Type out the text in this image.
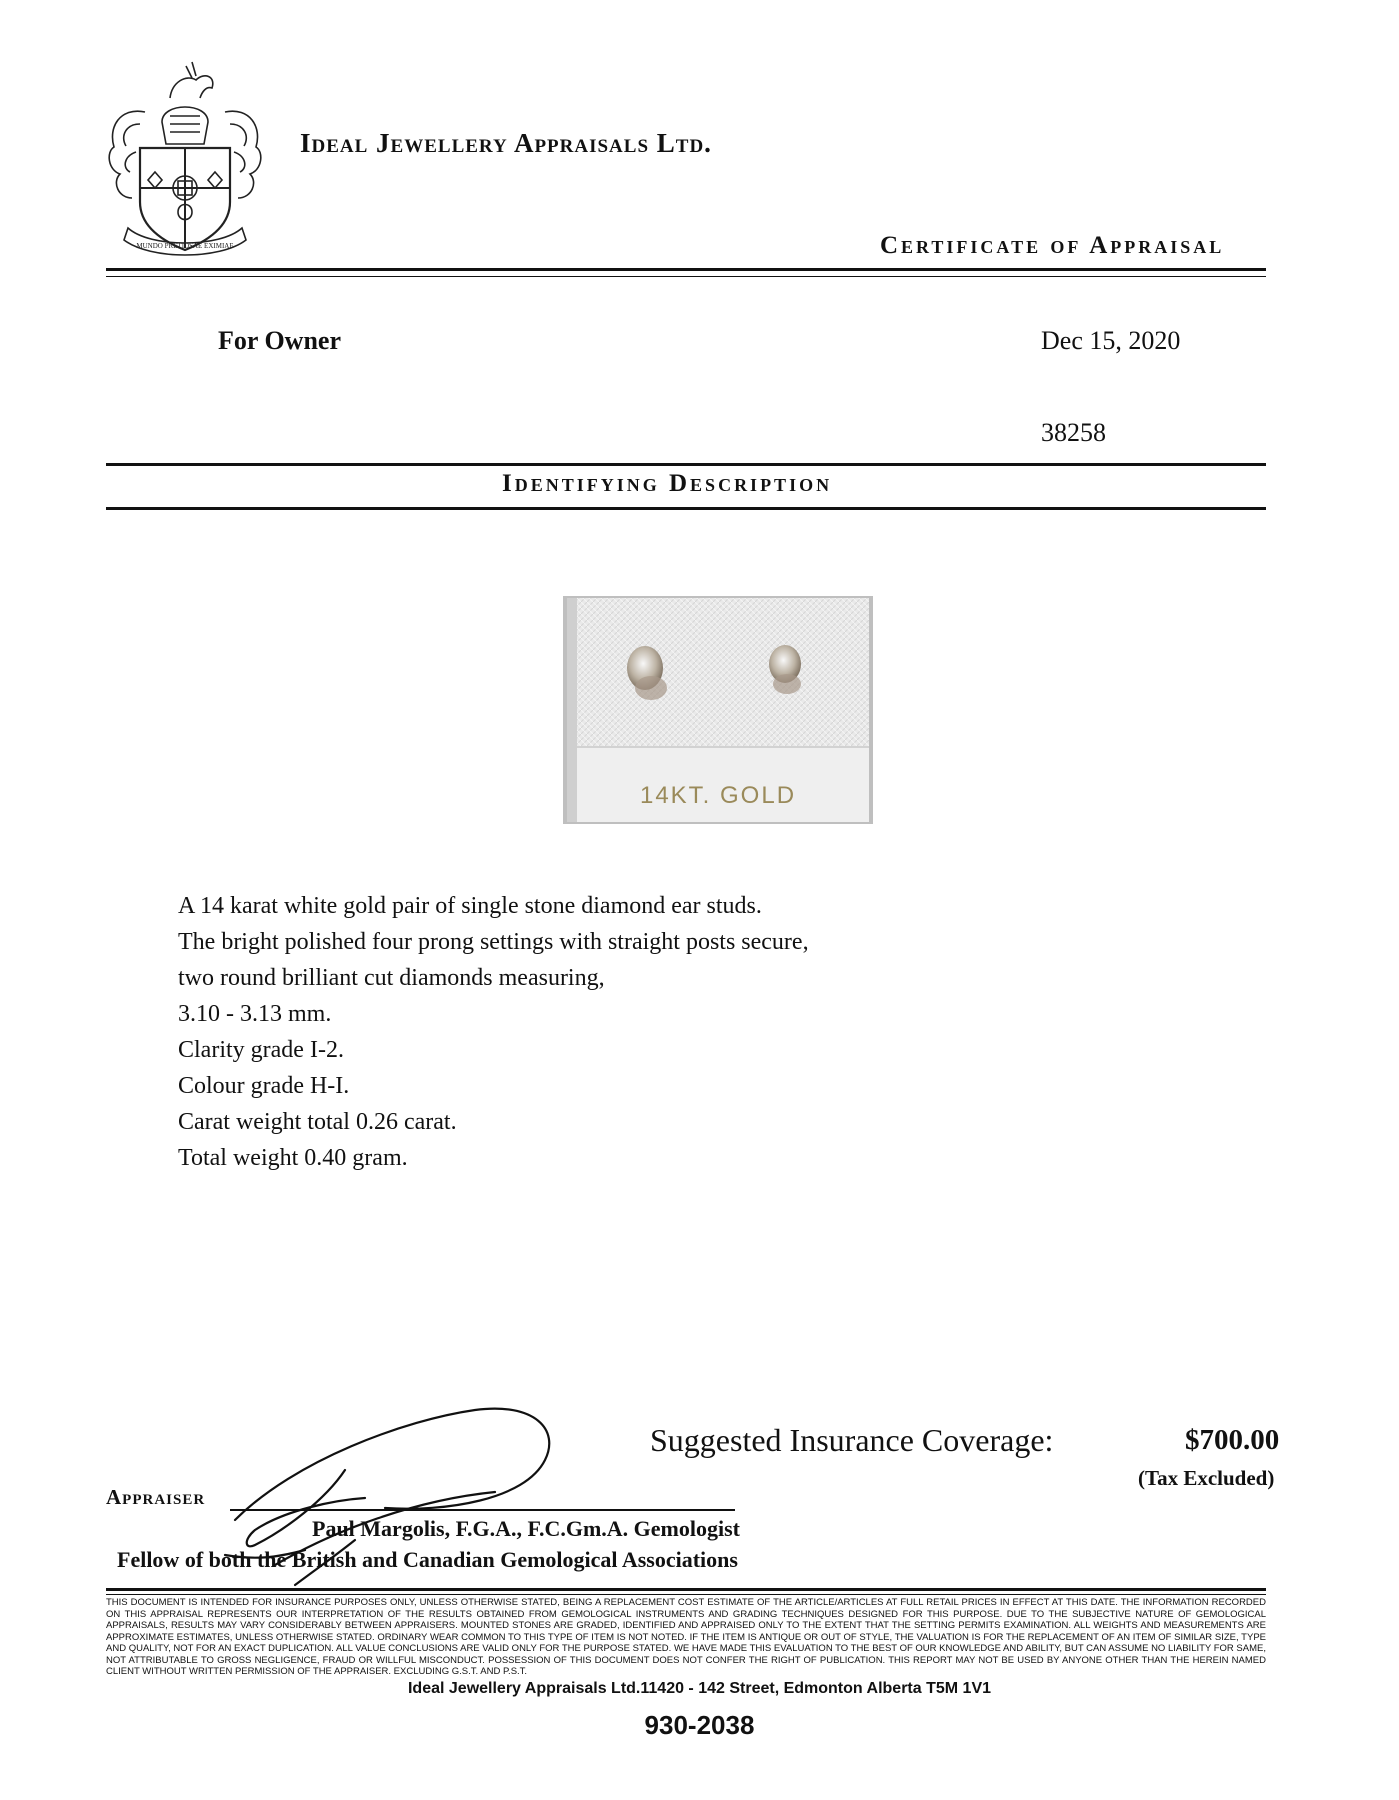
MUNDO PRETIOSAE EXIMIAE
Ideal Jewellery Appraisals Ltd.
Certificate of Appraisal
For Owner	Dec 15, 2020
38258
Identifying Description
14KT. GOLD
A 14 karat white gold pair of single stone diamond ear studs.
The bright polished four prong settings with straight posts secure,
two round brilliant cut diamonds measuring,
3.10 - 3.13 mm.
Clarity grade I-2.
Colour grade H-I.
Carat weight total 0.26 carat.
Total weight 0.40 gram.
Suggested Insurance Coverage:	$700.00
(Tax Excluded)
Appraiser
Paul Margolis, F.G.A., F.C.Gm.A. Gemologist
Fellow of both the British and Canadian Gemological Associations
THIS DOCUMENT IS INTENDED FOR INSURANCE PURPOSES ONLY, UNLESS OTHERWISE STATED, BEING A REPLACEMENT COST ESTIMATE OF THE ARTICLE/ARTICLES AT FULL RETAIL PRICES IN EFFECT AT THIS DATE. THE INFORMATION RECORDED ON THIS APPRAISAL REPRESENTS OUR INTERPRETATION OF THE RESULTS OBTAINED FROM GEMOLOGICAL INSTRUMENTS AND GRADING TECHNIQUES DESIGNED FOR THIS PURPOSE. DUE TO THE SUBJECTIVE NATURE OF GEMOLOGICAL APPRAISALS, RESULTS MAY VARY CONSIDERABLY BETWEEN APPRAISERS. MOUNTED STONES ARE GRADED, IDENTIFIED AND APPRAISED ONLY TO THE EXTENT THAT THE SETTING PERMITS EXAMINATION. ALL WEIGHTS AND MEASUREMENTS ARE APPROXIMATE ESTIMATES, UNLESS OTHERWISE STATED. ORDINARY WEAR COMMON TO THIS TYPE OF ITEM IS NOT NOTED. IF THE ITEM IS ANTIQUE OR OUT OF STYLE, THE VALUATION IS FOR THE REPLACEMENT OF AN ITEM OF SIMILAR SIZE, TYPE AND QUALITY, NOT FOR AN EXACT DUPLICATION. ALL VALUE CONCLUSIONS ARE VALID ONLY FOR THE PURPOSE STATED. WE HAVE MADE THIS EVALUATION TO THE BEST OF OUR KNOWLEDGE AND ABILITY, BUT CAN ASSUME NO LIABILITY FOR SAME, NOT ATTRIBUTABLE TO GROSS NEGLIGENCE, FRAUD OR WILLFUL MISCONDUCT. POSSESSION OF THIS DOCUMENT DOES NOT CONFER THE RIGHT OF PUBLICATION. THIS REPORT MAY NOT BE USED BY ANYONE OTHER THAN THE HEREIN NAMED CLIENT WITHOUT WRITTEN PERMISSION OF THE APPRAISER. EXCLUDING G.S.T. AND P.S.T.
Ideal Jewellery Appraisals Ltd.11420 - 142 Street, Edmonton Alberta T5M 1V1
930-2038
